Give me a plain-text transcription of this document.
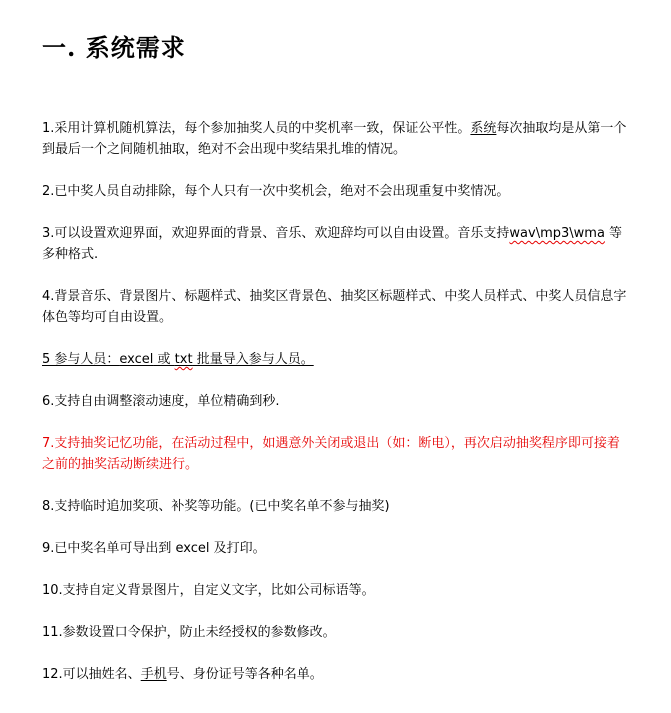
一. 系统需求

1.采用计算机随机算法，每个参加抽奖人员的中奖机率一致，保证公平性。系统每次抽取均是从第一个到最后一个之间随机抽取，绝对不会出现中奖结果扎堆的情况。

2.已中奖人员自动排除，每个人只有一次中奖机会，绝对不会出现重复中奖情况。

3.可以设置欢迎界面，欢迎界面的背景、音乐、欢迎辞均可以自由设置。音乐支持wav\mp3\wma 等多种格式.

4.背景音乐、背景图片、标题样式、抽奖区背景色、抽奖区标题样式、中奖人员样式、中奖人员信息字体色等均可自由设置。

5 参与人员：excel 或 txt 批量导入参与人员。

6.支持自由调整滚动速度，单位精确到秒.

7.支持抽奖记忆功能，在活动过程中，如遇意外关闭或退出（如：断电），再次启动抽奖程序即可接着之前的抽奖活动断续进行。

8.支持临时追加奖项、补奖等功能。(已中奖名单不参与抽奖)

9.已中奖名单可导出到 excel 及打印。

10.支持自定义背景图片，自定义文字，比如公司标语等。

11.参数设置口令保护，防止未经授权的参数修改。

12.可以抽姓名、手机号、身份证号等各种名单。
